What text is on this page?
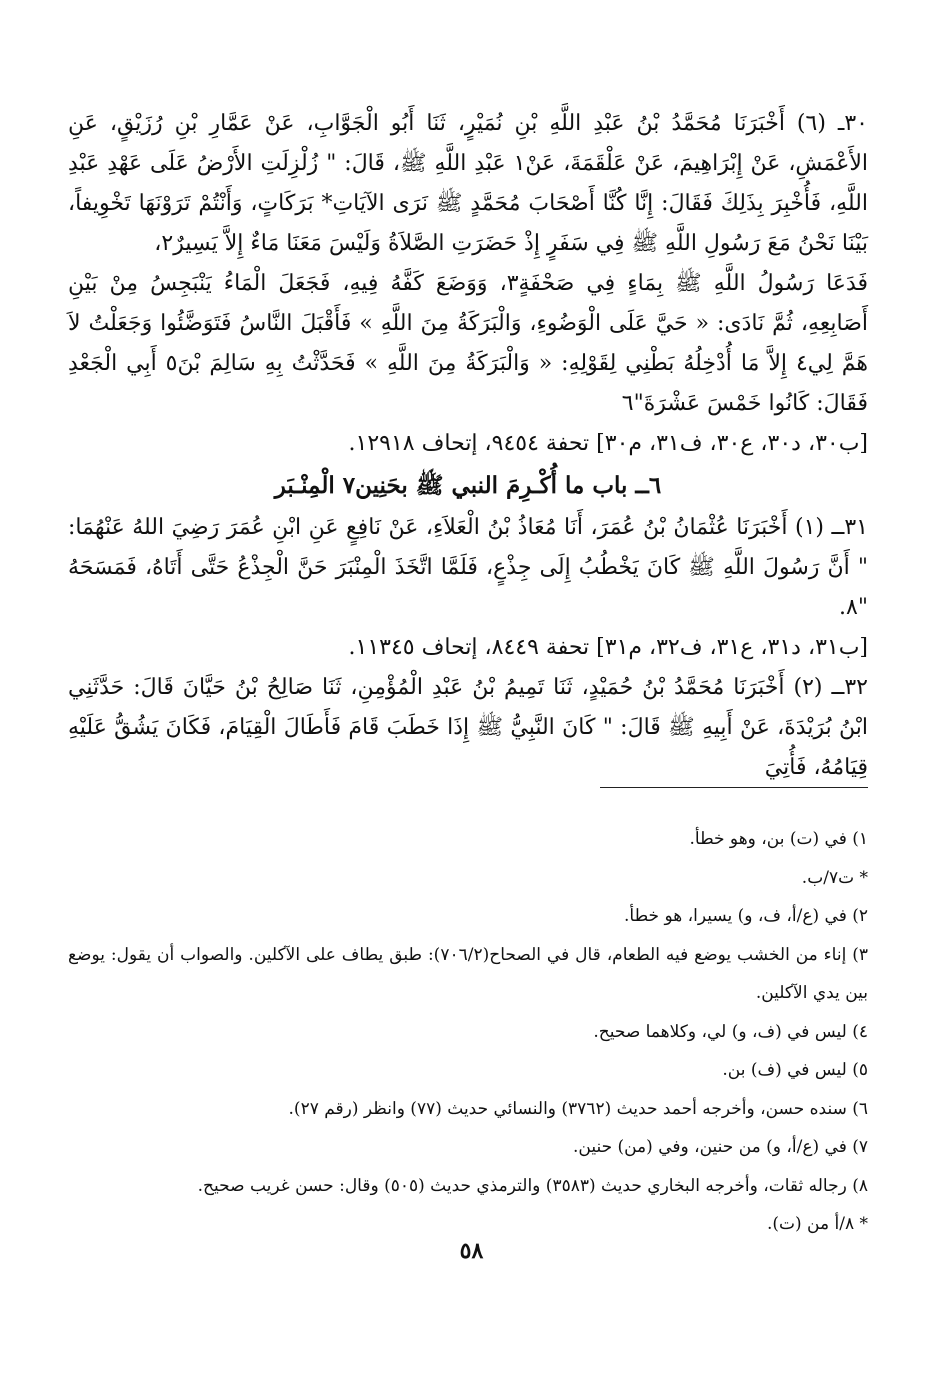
٣٠ـ (٦) أَخْبَرَنَا مُحَمَّدُ بْنُ عَبْدِ اللَّهِ بْنِ نُمَيْرٍ، ثَنَا أَبُو الْجَوَّابِ، عَنْ عَمَّارِ بْنِ رُزَيْقٍ، عَنِ الأَعْمَشِ، عَنْ إِبْرَاهِيمَ، عَنْ عَلْقَمَةَ، عَنْ١ عَبْدِ اللَّهِ ﷺ، قَالَ: " زُلْزِلَتِ الأَرْضُ عَلَى عَهْدِ عَبْدِ اللَّهِ، فَأُخْبِرَ بِذَلِكَ فَقَالَ: إِنَّا كُنَّا أَصْحَابَ مُحَمَّدٍ ﷺ نَرَى الآيَاتِ* بَرَكَاتٍ، وَأَنْتُمْ تَرَوْنَهَا تَخْوِيفاً، بَيْنَا نَحْنُ مَعَ رَسُولِ اللَّهِ ﷺ فِي سَفَرٍ إِذْ حَضَرَتِ الصَّلاَةُ وَلَيْسَ مَعَنَا مَاءٌ إِلاَّ يَسِيرٌ٢،

فَدَعَا رَسُولُ اللَّهِ ﷺ بِمَاءٍ فِي صَحْفَةٍ٣، وَوَضَعَ كَفَّهُ فِيهِ، فَجَعَلَ الْمَاءُ يَنْبَجِسُ مِنْ بَيْنِ أَصَابِعِهِ، ثُمَّ نَادَى: « حَيَّ عَلَى الْوَضُوءِ، وَالْبَرَكَةُ مِنَ اللَّهِ » فَأَقْبَلَ النَّاسُ فَتَوَضَّئُوا وَجَعَلْتُ لاَ هَمَّ لِي٤ إِلاَّ مَا أُدْخِلُهُ بَطْنِي لِقَوْلِهِ: « وَالْبَرَكَةُ مِنَ اللَّهِ » فَحَدَّثْتُ بِهِ سَالِمَ بْنَ٥ أَبِي الْجَعْدِ فَقَالَ: كَانُوا خَمْسَ عَشْرَةَ"٦

[ب٣٠، د٣٠، ع٣٠، ف٣١، م٣٠] تحفة ٩٤٥٤، إتحاف ١٢٩١٨.

٦ــ باب ما أُكْـرِمَ النبي ﷺ بحَنِين٧ الْمِنْـبَر

٣١ــ (١) أَخْبَرَنَا عُثْمَانُ بْنُ عُمَرَ، أَنَا مُعَاذُ بْنُ الْعَلاَءِ، عَنْ نَافِعٍ عَنِ ابْنِ عُمَرَ رَضِيَ اللهُ عَنْهُمَا: " أَنَّ رَسُولَ اللَّهِ ﷺ كَانَ يَخْطُبُ إِلَى جِذْعٍ، فَلَمَّا اتَّخَذَ الْمِنْبَرَ حَنَّ الْجِذْعُ حَتَّى أَتَاهُ، فَمَسَحَهُ "٨.

[ب٣١، د٣١، ع٣١، ف٣٢، م٣١] تحفة ٨٤٤٩، إتحاف ١١٣٤٥.

٣٢ــ (٢) أَخْبَرَنَا مُحَمَّدُ بْنُ حُمَيْدٍ، ثَنَا تَمِيمُ بْنُ عَبْدِ الْمُؤْمِنِ، ثَنَا صَالِحُ بْنُ حَيَّانَ قَالَ: حَدَّثَنِي ابْنُ بُرَيْدَةَ، عَنْ أَبِيهِ ﷺ قَالَ: " كَانَ النَّبِيُّ ﷺ إِذَا خَطَبَ قَامَ فَأَطَالَ الْقِيَامَ، فَكَانَ يَشُقُّ عَلَيْهِ قِيَامُهُ، فَأُتِيَ

١) في (ت) بن، وهو خطأ.

* ت٧/ب.

٢) في (ع/أ، ف، و) يسيرا، هو خطأ.

٣) إناء من الخشب يوضع فيه الطعام، قال في الصحاح(٧٠٦/٢): طبق يطاف على الآكلين. والصواب أن يقول: يوضع بين يدي الآكلين.

٤) ليس في (ف، و) لي، وكلاهما صحيح.

٥) ليس في (ف) بن.

٦) سنده حسن، وأخرجه أحمد حديث (٣٧٦٢) والنسائي حديث (٧٧) وانظر (رقم ٢٧).

٧) في (ع/أ، و) من حنين، وفي (من) حنين.

٨) رجاله ثقات، وأخرجه البخاري حديث (٣٥٨٣) والترمذي حديث (٥٠٥) وقال: حسن غريب صحيح.

* ٨/أ من (ت).

٥٨
